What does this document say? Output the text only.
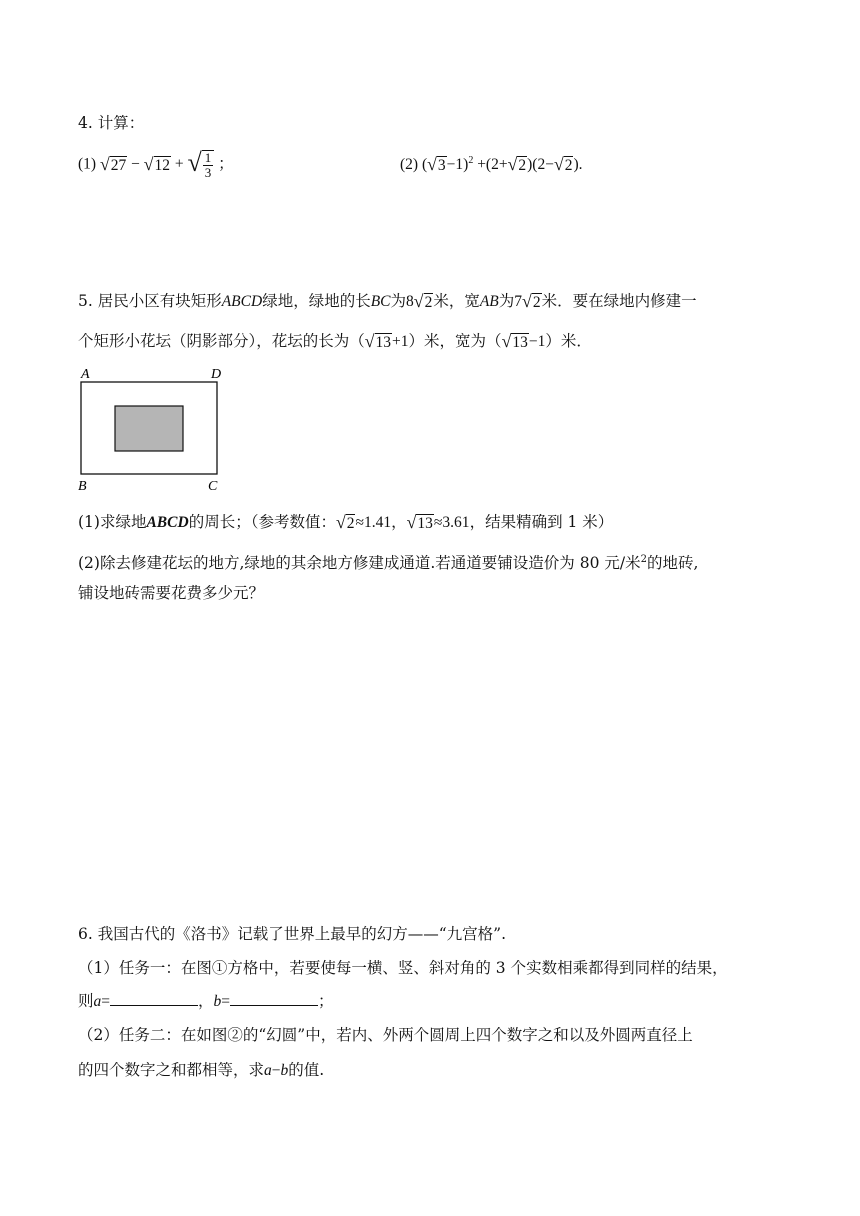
4. 计算：
(1) √ 27 − √ 12 + √ $\frac{1}{3}$ ；	(2) ( √ 3 −1)$^2$ +(2+ √ 2 )(2− √ 2 ).
5. 居民小区有块矩形ABCD绿地，绿地的长BC为8 √ 2 米，宽AB为7 √ 2 米．要在绿地内修建一
个矩形小花坛（阴影部分），花坛的长为（ √ 13 +1）米，宽为（ √ 13 −1）米．
A	D
B	C
(1)求绿地ABCD的周长；（参考数值： √ 2 ≈1.41， √ 13 ≈3.61，结果精确到 1 米）
(2)除去修建花坛的地方,绿地的其余地方修建成通道.若通道要铺设造价为 80 元/米$^2$的地砖,
铺设地砖需要花费多少元？
6. 我国古代的《洛书》记载了世界上最早的幻方——“九宫格”.
（1）任务一：在图①方格中，若要使每一横、竖、斜对角的 3 个实数相乘都得到同样的结果，
则a=	，b=	；
（2）任务二：在如图②的“幻圆”中，若内、外两个圆周上四个数字之和以及外圆两直径上
的四个数字之和都相等，求a−b的值.
